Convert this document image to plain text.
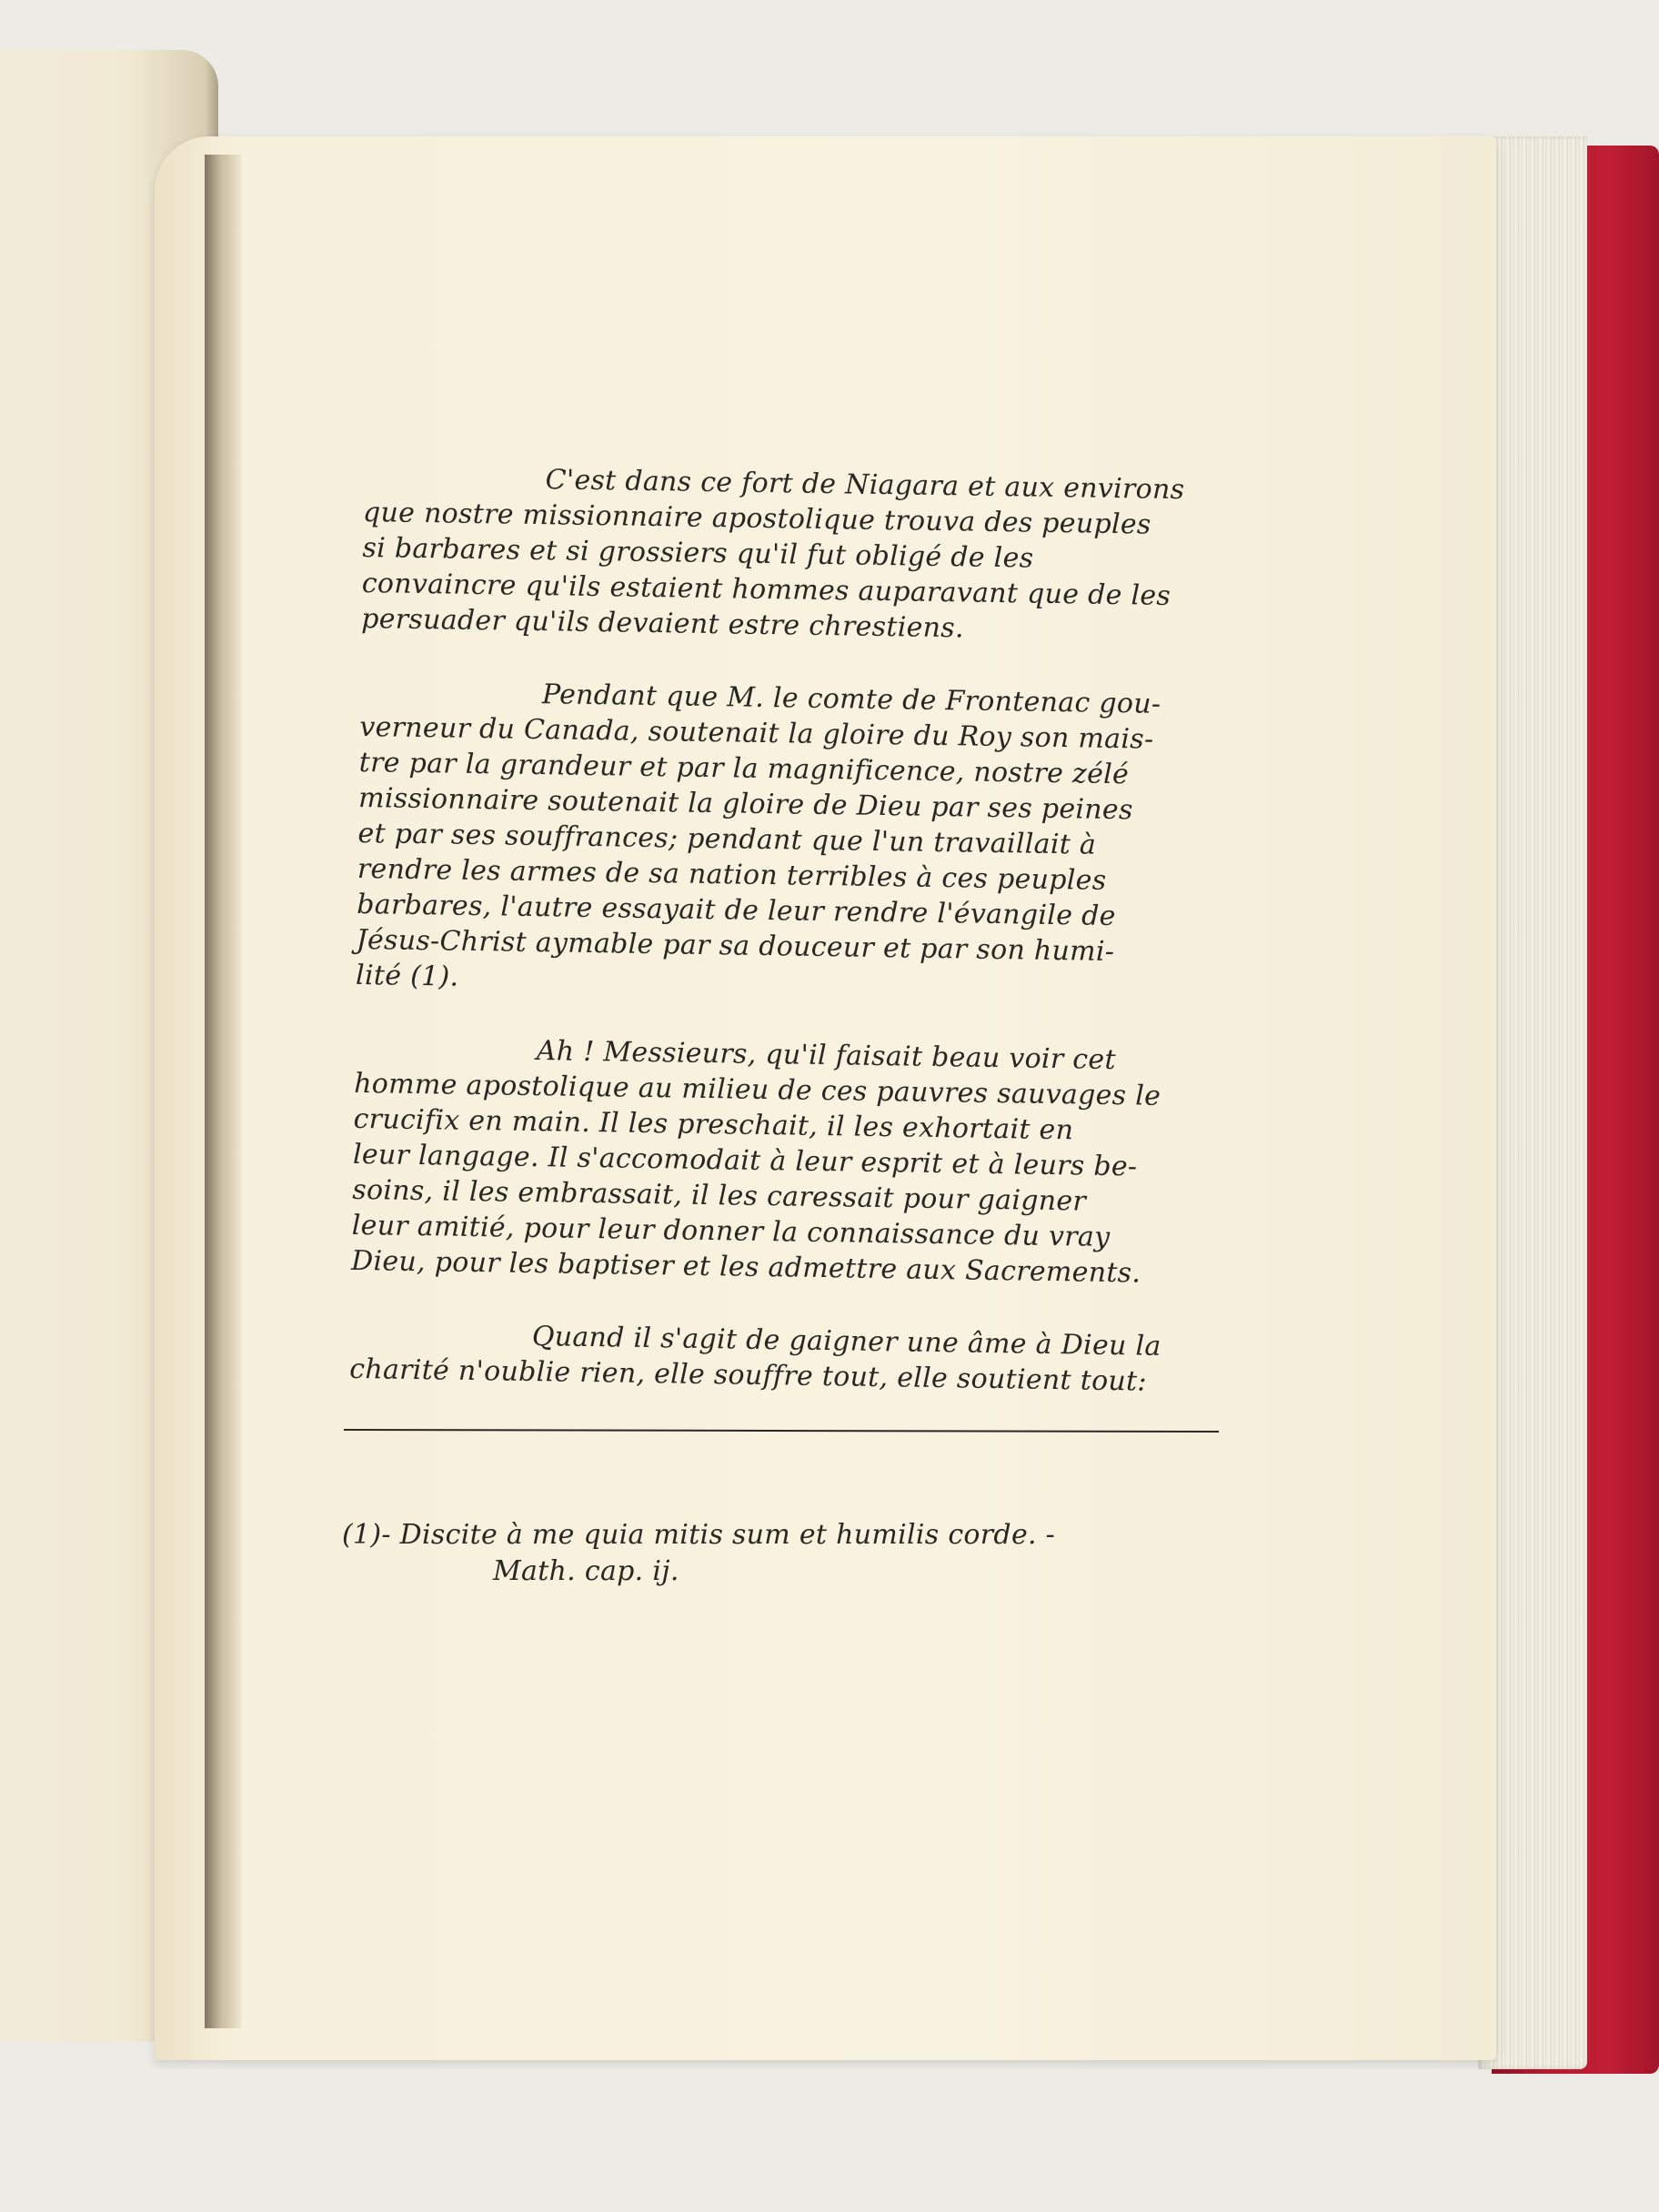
C'est dans ce fort de Niagara et aux environs
que nostre missionnaire apostolique trouva des peuples
si barbares et si grossiers qu'il fut obligé de les
convaincre qu'ils estaient hommes auparavant que de les
persuader qu'ils devaient estre chrestiens.

Pendant que M. le comte de Frontenac gou-
verneur du Canada, soutenait la gloire du Roy son mais-
tre par la grandeur et par la magnificence, nostre zélé
missionnaire soutenait la gloire de Dieu par ses peines
et par ses souffrances; pendant que l'un travaillait à
rendre les armes de sa nation terribles à ces peuples
barbares, l'autre essayait de leur rendre l'évangile de
Jésus-Christ aymable par sa douceur et par son humi-
lité (1).

Ah ! Messieurs, qu'il faisait beau voir cet
homme apostolique au milieu de ces pauvres sauvages le
crucifix en main. Il les preschait, il les exhortait en
leur langage. Il s'accomodait à leur esprit et à leurs be-
soins, il les embrassait, il les caressait pour gaigner
leur amitié, pour leur donner la connaissance du vray
Dieu, pour les baptiser et les admettre aux Sacrements.

Quand il s'agit de gaigner une âme à Dieu la
charité n'oublie rien, elle souffre tout, elle soutient tout:

(1)- Discite à me quia mitis sum et humilis corde. -
Math. cap. ij.
